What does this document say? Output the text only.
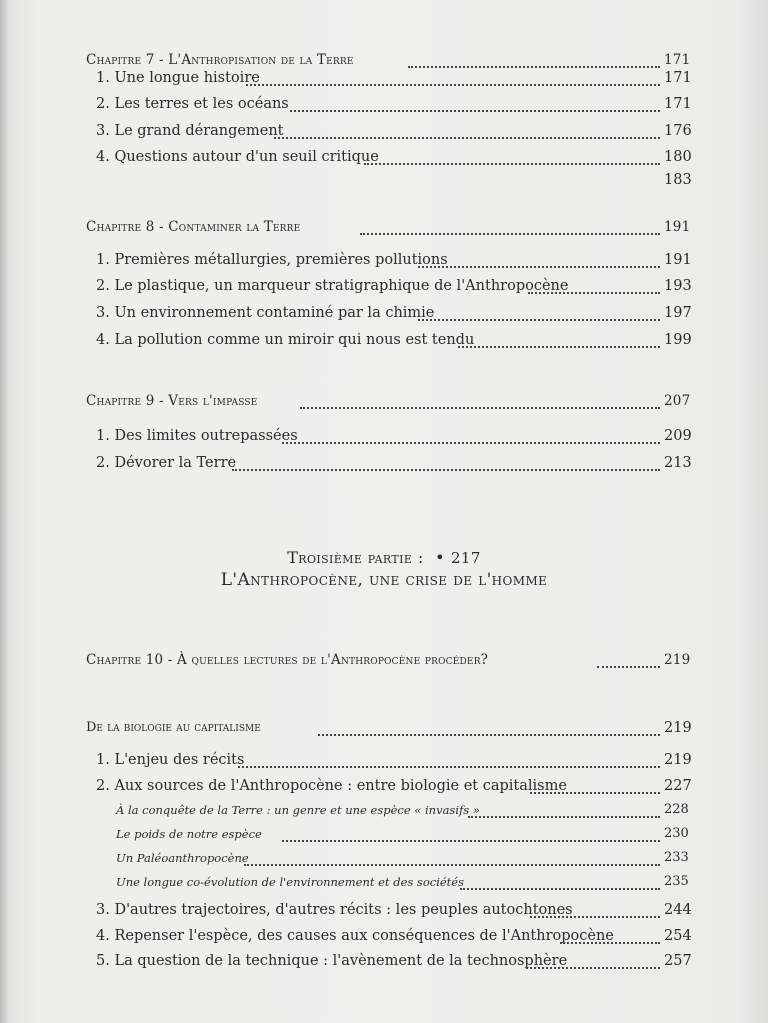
Chapitre 7 - L'Anthropisation de la Terre	171
1. Une longue histoire	171
2. Les terres et les océans	171
3. Le grand dérangement	176
4. Questions autour d'un seuil critique	180
183
Chapitre 8 - Contaminer la Terre	191
1. Premières métallurgies, premières pollutions	191
2. Le plastique, un marqueur stratigraphique de l'Anthropocène	193
3. Un environnement contaminé par la chimie	197
4. La pollution comme un miroir qui nous est tendu	199
Chapitre 9 - Vers l'impasse	207
1. Des limites outrepassées	209
2. Dévorer la Terre	213
Troisième partie : • 217
L'Anthropocène, une crise de l'homme
Chapitre 10 - À quelles lectures de l'Anthropocène procéder?	219
De la biologie au capitalisme	219
1. L'enjeu des récits	219
2. Aux sources de l'Anthropocène : entre biologie et capitalisme	227
À la conquête de la Terre : un genre et une espèce « invasifs »	228
Le poids de notre espèce	230
Un Paléoanthropocène	233
Une longue co-évolution de l'environnement et des sociétés	235
3. D'autres trajectoires, d'autres récits : les peuples autochtones	244
4. Repenser l'espèce, des causes aux conséquences de l'Anthropocène	254
5. La question de la technique : l'avènement de la technosphère	257
